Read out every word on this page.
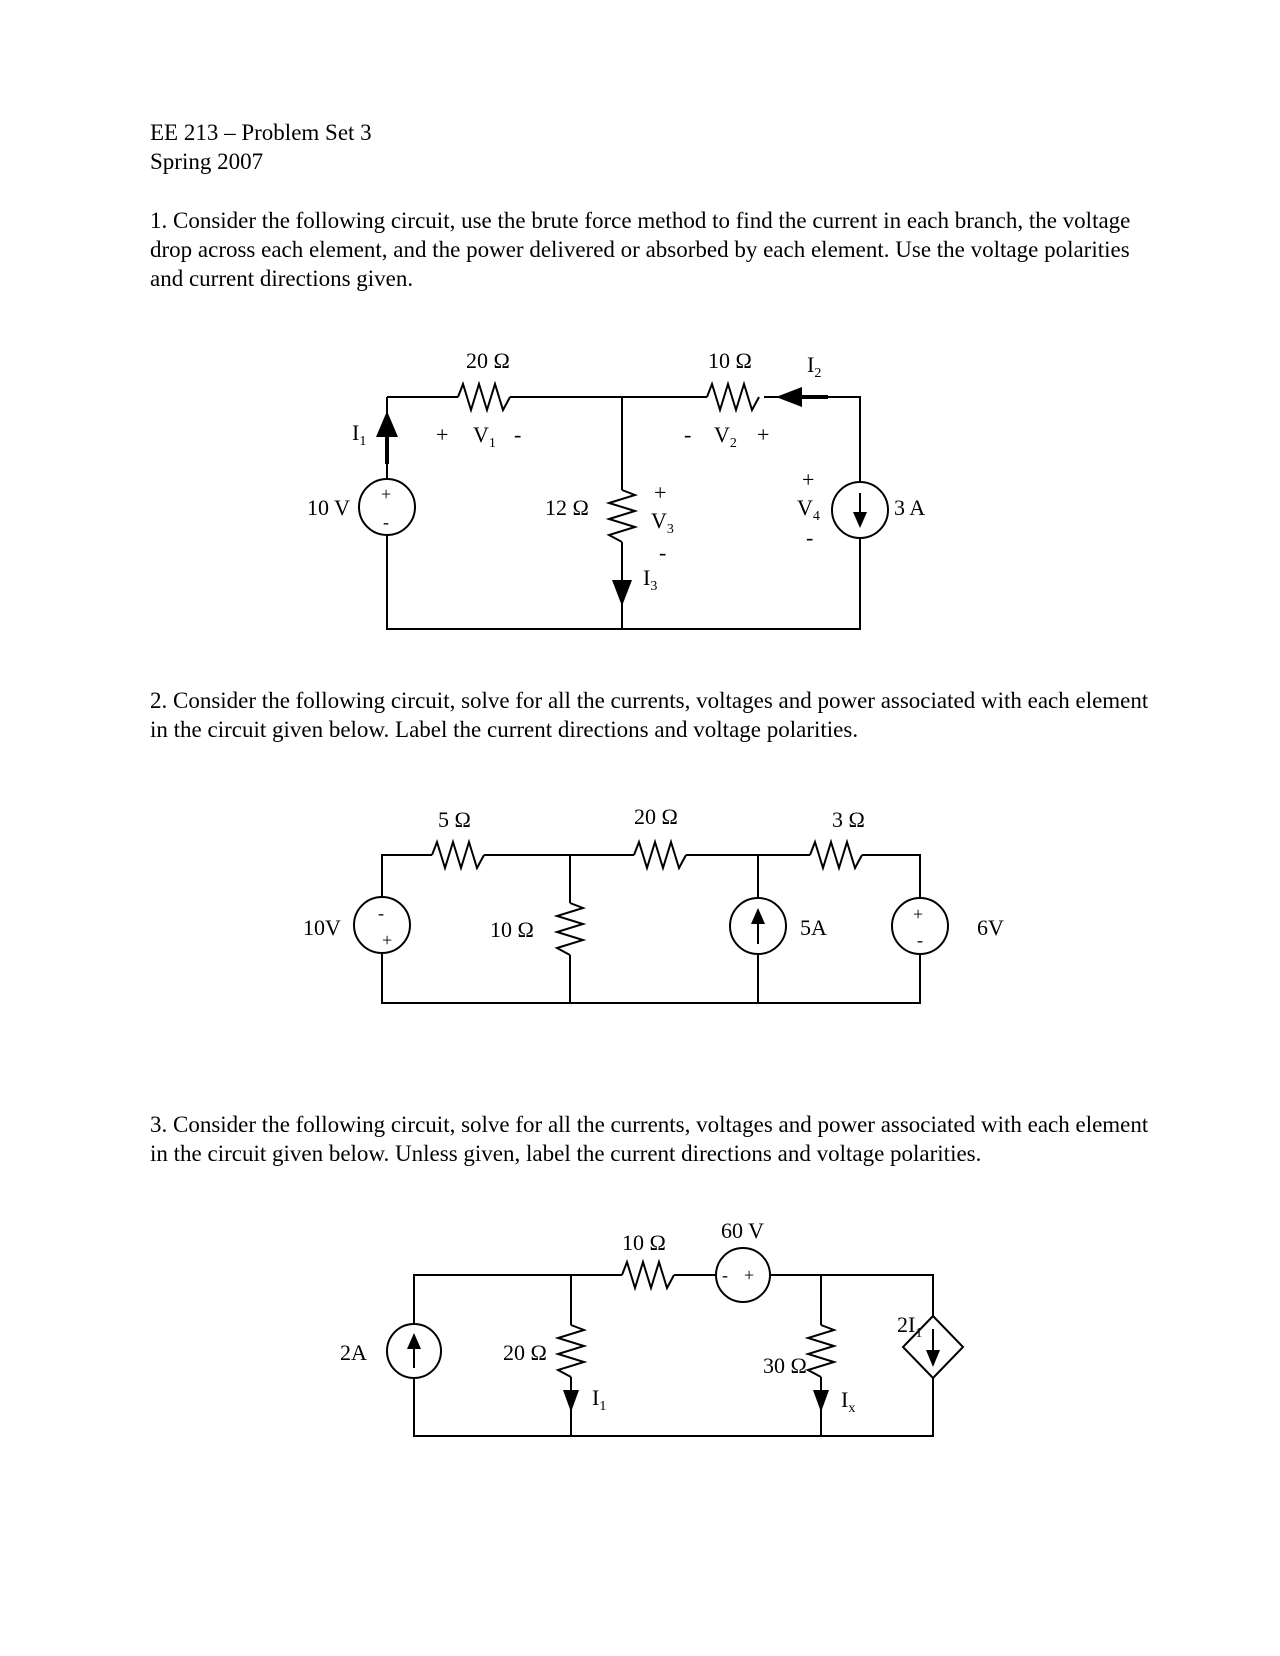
EE 213 – Problem Set 3
Spring 2007
1. Consider the following circuit, use the brute force method to find the current in each branch, the voltage drop across each element, and the power delivered or absorbed by each element. Use the voltage polarities and current directions given.
20 Ω	10 Ω
12 Ω
+
-
10 V
$I_1$	+ $V_1$ -	- $V_2$ +
$I_2$
+
$V_3$
-
$I_3$
3 A
+
$V_4$
-
2. Consider the following circuit, solve for all the currents, voltages and power associated with each element in the circuit given below. Label the current directions and voltage polarities.
5 Ω	20 Ω	3 Ω
10 Ω
-
+
10V	5A
+
- 6V
3. Consider the following circuit, solve for all the currents, voltages and power associated with each element in the circuit given below. Unless given, label the current directions and voltage polarities.
10 Ω
- +
60 V
2A	20 Ω
$I_1$
30 Ω
$I_x$
$2I_1$
